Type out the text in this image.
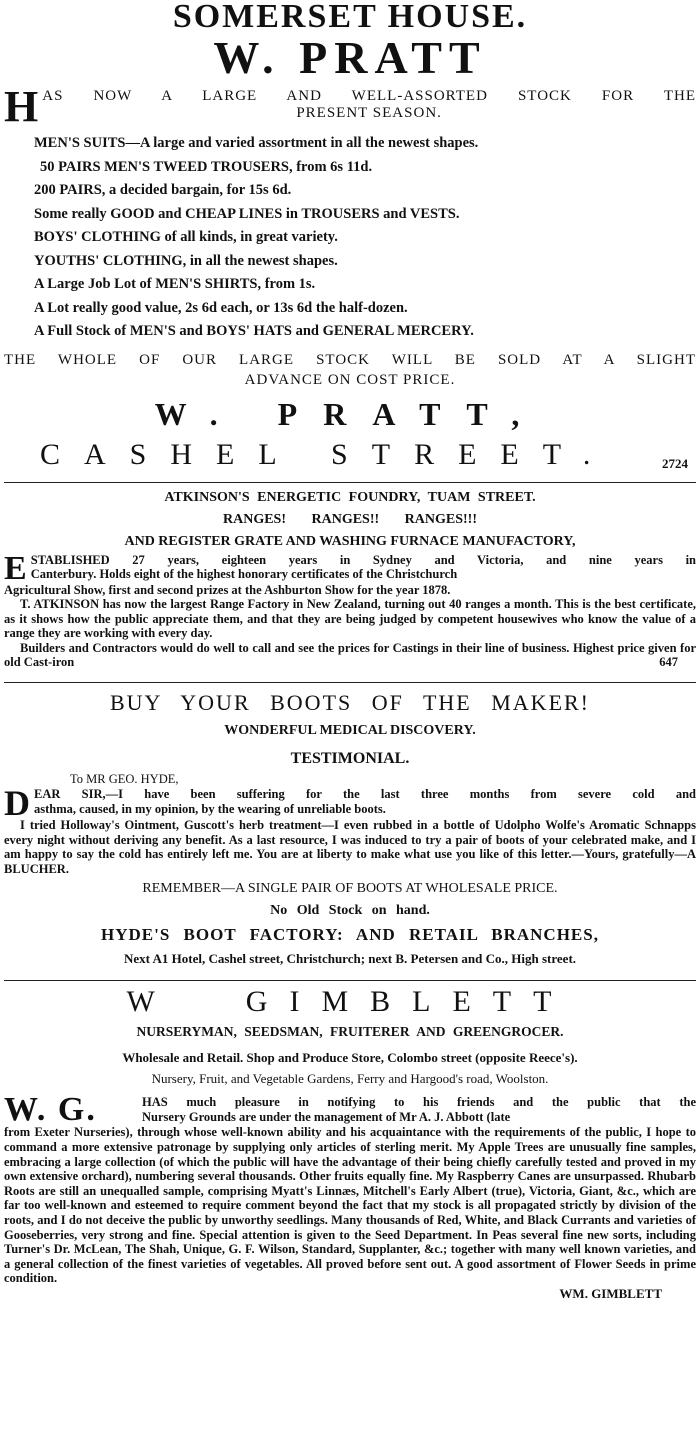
SOMERSET HOUSE.
W. PRATT
H AS NOW A LARGE AND WELL-ASSORTED STOCK FOR THE
PRESENT SEASON.
MEN'S SUITS—A large and varied assortment in all the newest shapes.
50 PAIRS MEN'S TWEED TROUSERS, from 6s 11d.
200 PAIRS, a decided bargain, for 15s 6d.
Some really GOOD and CHEAP LINES in TROUSERS and VESTS.
BOYS' CLOTHING of all kinds, in great variety.
YOUTHS' CLOTHING, in all the newest shapes.
A Large Job Lot of MEN'S SHIRTS, from 1s.
A Lot really good value, 2s 6d each, or 13s 6d the half-dozen.
A Full Stock of MEN'S and BOYS' HATS and GENERAL MERCERY.
THE WHOLE OF OUR LARGE STOCK WILL BE SOLD AT A SLIGHT
ADVANCE ON COST PRICE.
W. PRATT,
CASHEL STREET.	2724
ATKINSON'S ENERGETIC FOUNDRY, TUAM STREET.
RANGES! RANGES!! RANGES!!!
AND REGISTER GRATE AND WASHING FURNACE MANUFACTORY,
E STABLISHED 27 years, eighteen years in Sydney and Victoria, and nine years in
Canterbury. Holds eight of the highest honorary certificates of the Christchurch
Agricultural Show, first and second prizes at the Ashburton Show for the year 1878.
T. ATKINSON has now the largest Range Factory in New Zealand, turning out 40 ranges a month. This is the best certificate, as it shows how the public appreciate them, and that they are being judged by competent housewives who know the value of a range they are working with every day.
Builders and Contractors would do well to call and see the prices for Castings in their line of business. Highest price given for old Cast-iron	647
BUY YOUR BOOTS OF THE MAKER!
WONDERFUL MEDICAL DISCOVERY.
TESTIMONIAL.
To MR GEO. HYDE,
D EAR SIR,—I have been suffering for the last three months from severe cold and
asthma, caused, in my opinion, by the wearing of unreliable boots.
I tried Holloway's Ointment, Guscott's herb treatment—I even rubbed in a bottle of Udolpho Wolfe's Aromatic Schnapps every night without deriving any benefit. As a last resource, I was induced to try a pair of boots of your celebrated make, and I am happy to say the cold has entirely left me. You are at liberty to make what use you like of this letter.—Yours, gratefully—A BLUCHER.
REMEMBER—A SINGLE PAIR OF BOOTS AT WHOLESALE PRICE.
No Old Stock on hand.
HYDE'S BOOT FACTORY: AND RETAIL BRANCHES,
Next A1 Hotel, Cashel street, Christchurch; next B. Petersen and Co., High street.
W GIMBLETT
NURSERYMAN, SEEDSMAN, FRUITERER AND GREENGROCER.
Wholesale and Retail. Shop and Produce Store, Colombo street (opposite Reece's).
Nursery, Fruit, and Vegetable Gardens, Ferry and Hargood's road, Woolston.
W. G.	HAS much pleasure in notifying to his friends and the public that the
Nursery Grounds are under the management of Mr A. J. Abbott (late
from Exeter Nurseries), through whose well-known ability and his acquaintance with the requirements of the public, I hope to command a more extensive patronage by supplying only articles of sterling merit. My Apple Trees are unusually fine samples, embracing a large collection (of which the public will have the advantage of their being chiefly carefully tested and proved in my own extensive orchard), numbering several thousands. Other fruits equally fine. My Raspberry Canes are unsurpassed. Rhubarb Roots are still an unequalled sample, comprising Myatt's Linnæs, Mitchell's Early Albert (true), Victoria, Giant, &c., which are far too well-known and esteemed to require comment beyond the fact that my stock is all propagated strictly by division of the roots, and I do not deceive the public by unworthy seedlings. Many thousands of Red, White, and Black Currants and varieties of Gooseberries, very strong and fine. Special attention is given to the Seed Department. In Peas several fine new sorts, including Turner's Dr. McLean, The Shah, Unique, G. F. Wilson, Standard, Supplanter, &c.; together with many well known varieties, and a general collection of the finest varieties of vegetables. All proved before sent out. A good assortment of Flower Seeds in prime condition.
WM. GIMBLETT
